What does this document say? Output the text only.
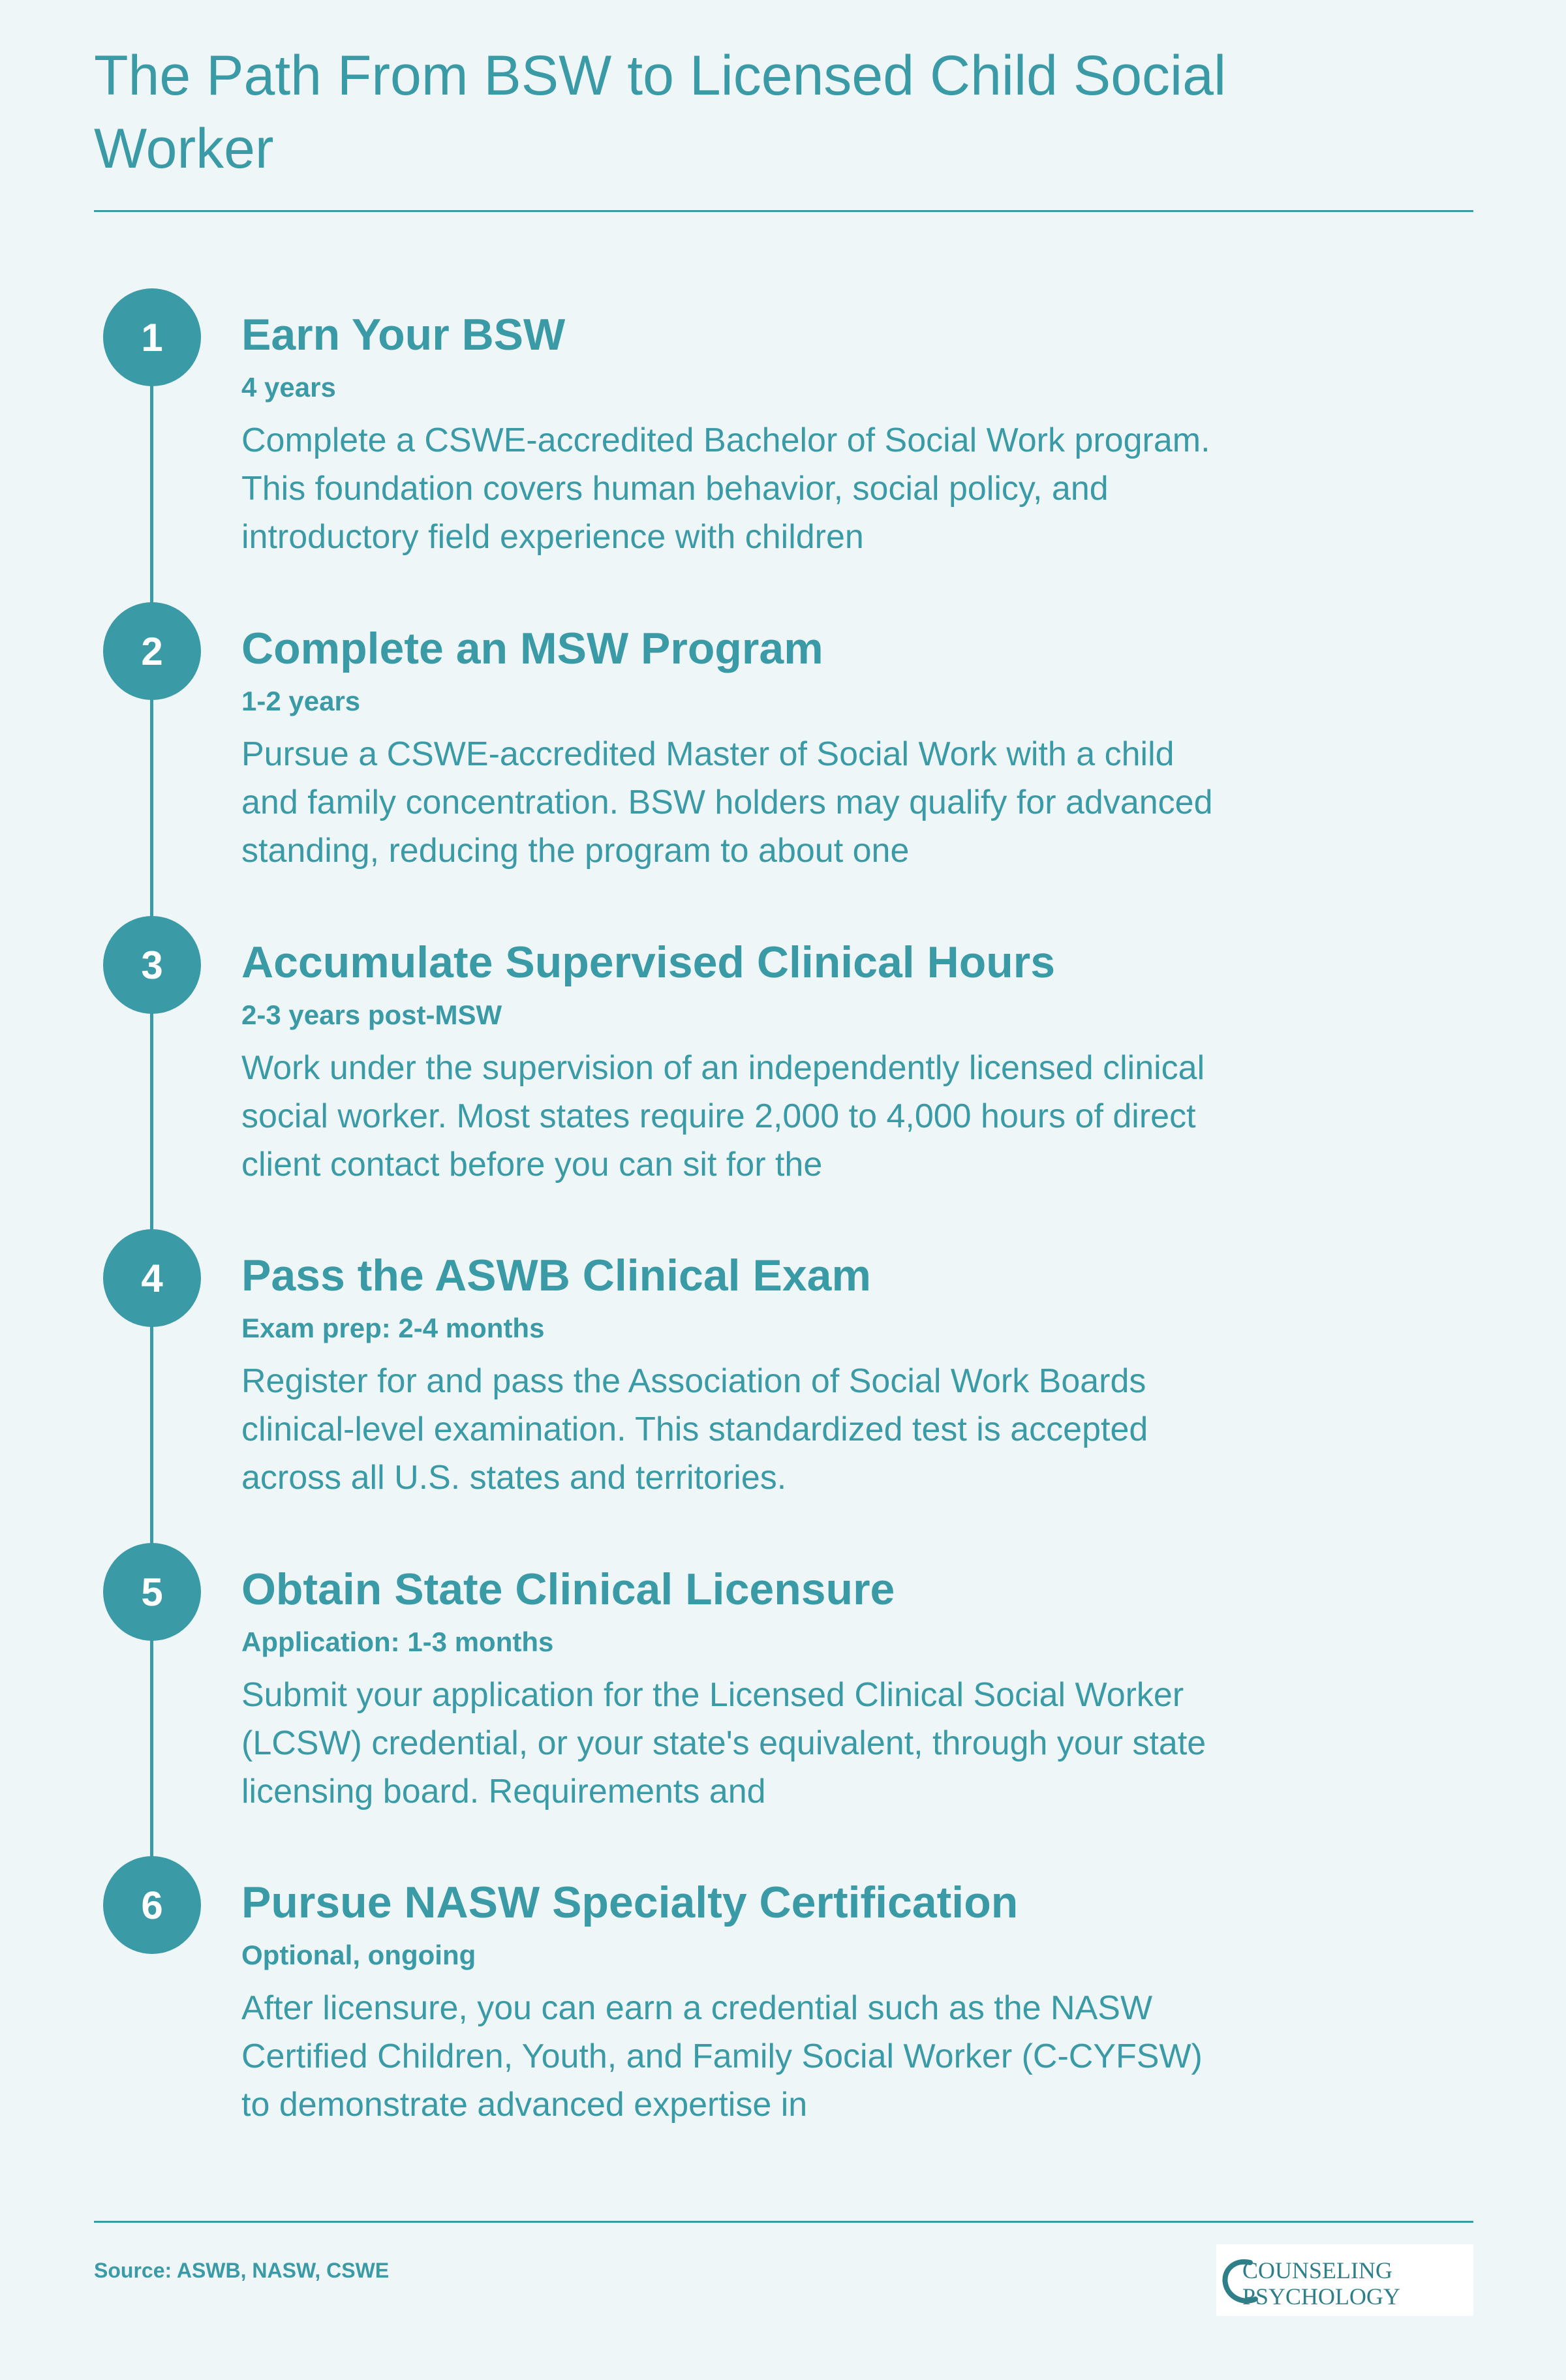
The Path From BSW to Licensed Child Social Worker
1	Earn Your BSW
4 years
Complete a CSWE-accredited Bachelor of Social Work program. This foundation covers human behavior, social policy, and introductory field experience with children
2	Complete an MSW Program
1-2 years
Pursue a CSWE-accredited Master of Social Work with a child and family concentration. BSW holders may qualify for advanced standing, reducing the program to about one
3	Accumulate Supervised Clinical Hours
2-3 years post-MSW
Work under the supervision of an independently licensed clinical social worker. Most states require 2,000 to 4,000 hours of direct client contact before you can sit for the
4	Pass the ASWB Clinical Exam
Exam prep: 2-4 months
Register for and pass the Association of Social Work Boards clinical-level examination. This standardized test is accepted across all U.S. states and territories.
5	Obtain State Clinical Licensure
Application: 1-3 months
Submit your application for the Licensed Clinical Social Worker (LCSW) credential, or your state's equivalent, through your state licensing board. Requirements and
6	Pursue NASW Specialty Certification
Optional, ongoing
After licensure, you can earn a credential such as the NASW Certified Children, Youth, and Family Social Worker (C-CYFSW) to demonstrate advanced expertise in
Source: ASWB, NASW, CSWE	COUNSELING
PSYCHOLOGY
